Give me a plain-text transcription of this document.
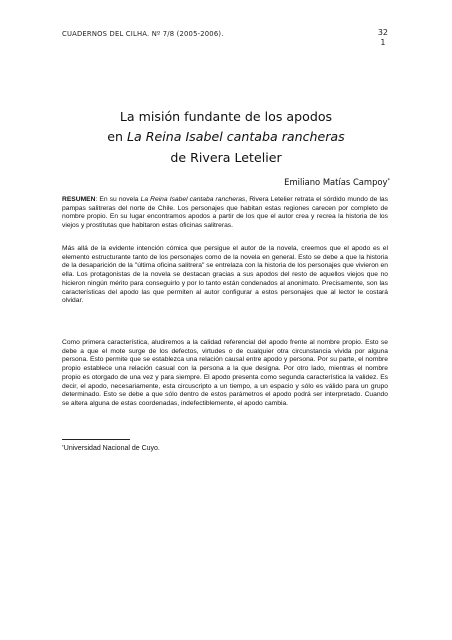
CUADERNOS DEL CILHA. Nº 7/8 (2005-2006).	32
1
La misión fundante de los apodos
en La Reina Isabel cantaba rancheras
de Rivera Letelier
Emiliano Matías Campoy*

RESUMEN: En su novela La Reina Isabel cantaba rancheras, Rivera Letelier retrata el sórdido mundo de las pampas salitreras del norte de Chile. Los personajes que habitan estas regiones carecen por completo de nombre propio. En su lugar encontramos apodos a partir de los que el autor crea y recrea la historia de los viejos y prostitutas que habitaron estas oficinas salitreras.

Más allá de la evidente intención cómica que persigue el autor de la novela, creemos que el apodo es el elemento estructurante tanto de los personajes como de la novela en general. Esto se debe a que la historia de la desaparición de la "última oficina salitrera" se entrelaza con la historia de los personajes que vivieron en ella. Los protagonistas de la novela se destacan gracias a sus apodos del resto de aquellos viejos que no hicieron ningún mérito para conseguirlo y por lo tanto están condenados al anonimato. Precisamente, son las características del apodo las que permiten al autor configurar a estos personajes que al lector le costará olvidar.

Como primera característica, aludiremos a la calidad referencial del apodo frente al nombre propio. Esto se debe a que el mote surge de los defectos, virtudes o de cualquier otra circunstancia vivida por alguna persona. Esto permite que se establezca una relación causal entre apodo y persona. Por su parte, el nombre propio establece una relación casual con la persona a la que designa. Por otro lado, mientras el nombre propio es otorgado de una vez y para siempre. El apodo presenta como segunda característica la validez. Es decir, el apodo, necesariamente, esta circuscripto a un tiempo, a un espacio y sólo es válido para un grupo determinado. Esto se debe a que sólo dentro de estos parámetros el apodo podrá ser interpretado. Cuando se altera alguna de estas coordenadas, indefectiblemente, el apodo cambia.

*Universidad Nacional de Cuyo.
